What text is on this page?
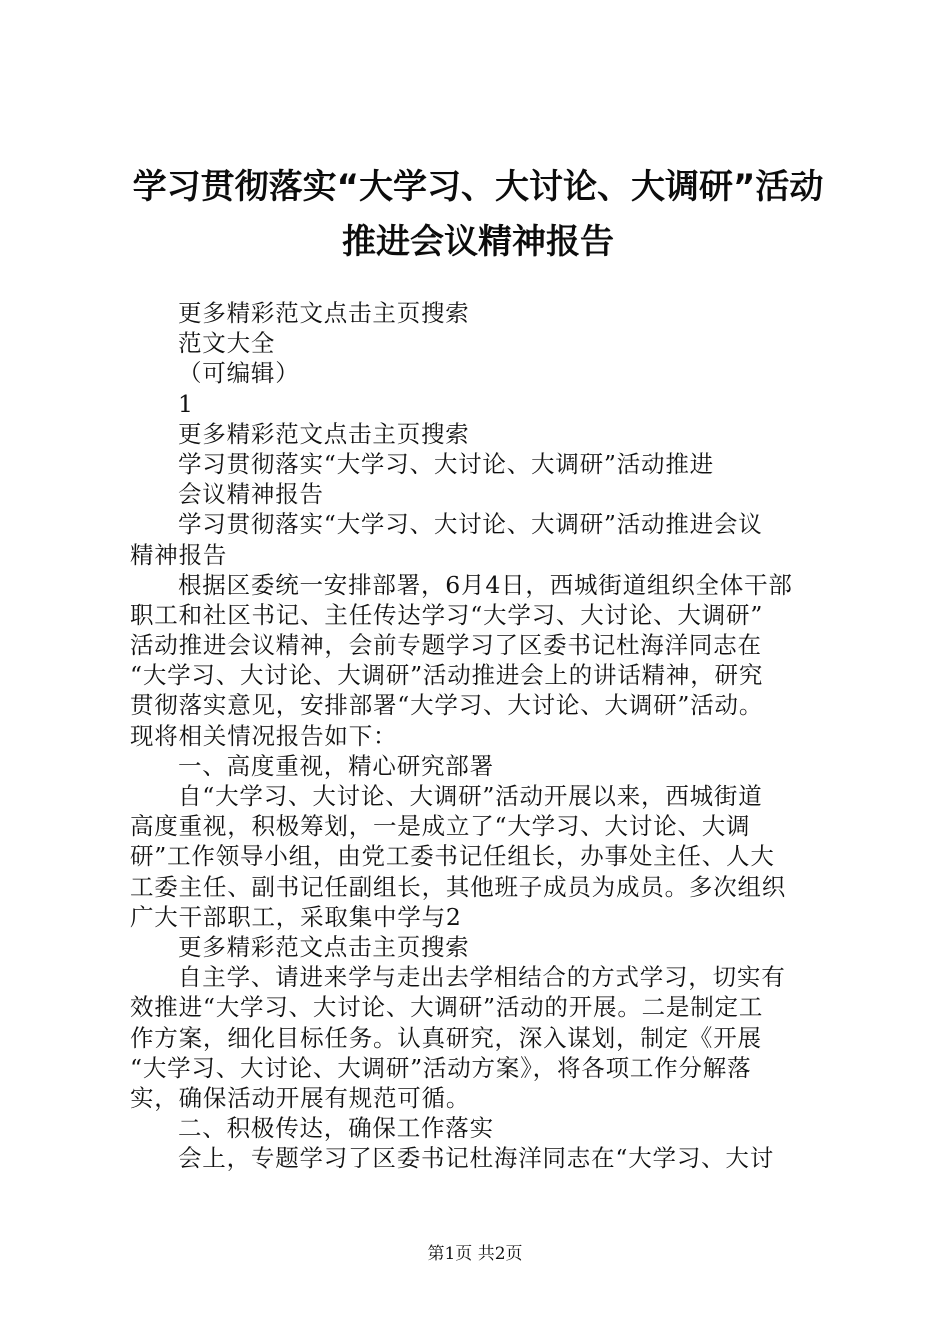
学习贯彻落实“大学习、大讨论、大调研”活动推进会议精神报告

更多精彩范文点击主页搜索

范文大全

（可编辑）

1

更多精彩范文点击主页搜索

学习贯彻落实“大学习、大讨论、大调研”活动推进

会议精神报告

学习贯彻落实“大学习、大讨论、大调研”活动推进会议

精神报告

根据区委统一安排部署，6月4日，西城街道组织全体干部

职工和社区书记、主任传达学习“大学习、大讨论、大调研”

活动推进会议精神，会前专题学习了区委书记杜海洋同志在

“大学习、大讨论、大调研”活动推进会上的讲话精神，研究

贯彻落实意见，安排部署“大学习、大讨论、大调研”活动。

现将相关情况报告如下：

一、高度重视，精心研究部署

自“大学习、大讨论、大调研”活动开展以来，西城街道

高度重视，积极筹划，一是成立了“大学习、大讨论、大调

研”工作领导小组，由党工委书记任组长，办事处主任、人大

工委主任、副书记任副组长，其他班子成员为成员。多次组织

广大干部职工，采取集中学与2

更多精彩范文点击主页搜索

自主学、请进来学与走出去学相结合的方式学习，切实有

效推进“大学习、大讨论、大调研”活动的开展。二是制定工

作方案，细化目标任务。认真研究，深入谋划，制定《开展

“大学习、大讨论、大调研”活动方案》，将各项工作分解落

实，确保活动开展有规范可循。

二、积极传达，确保工作落实

会上，专题学习了区委书记杜海洋同志在“大学习、大讨

第1页 共2页
